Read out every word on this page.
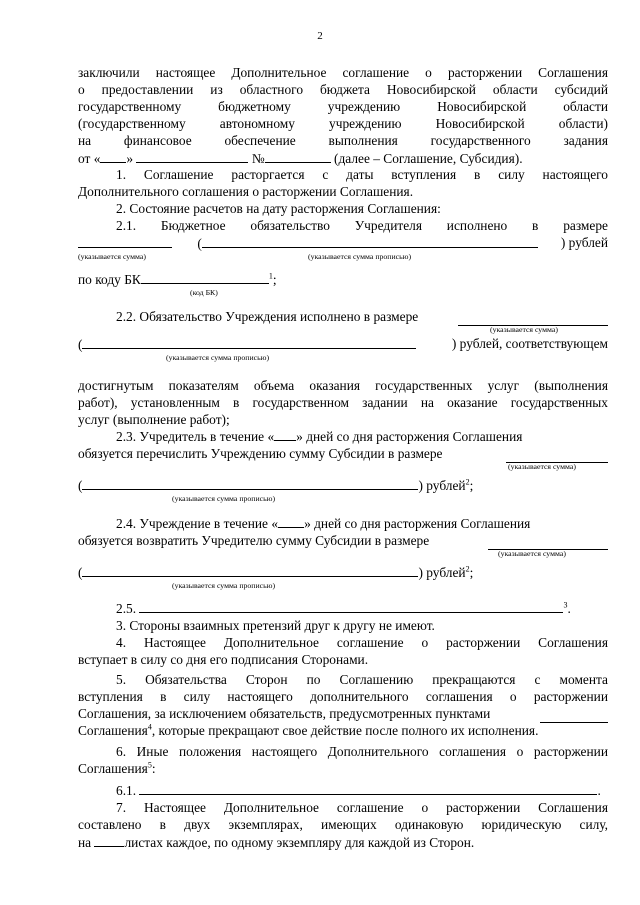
2

заключили настоящее Дополнительное соглашение о расторжении Соглашения

о предоставлении из областного бюджета Новосибирской области субсидий

государственному бюджетному учреждению Новосибирской области

(государственному автономному учреждению Новосибирской области)

на финансовое обеспечение выполнения государственного задания

от « »	№	(далее – Соглашение, Субсидия).

1. Соглашение расторгается с даты вступления в силу настоящего

Дополнительного соглашения о расторжении Соглашения.

2. Состояние расчетов на дату расторжения Соглашения:

2.1. Бюджетное обязательство Учредителя исполнено в размере

(	) рублей

(указывается сумма)	(указывается сумма прописью)

по коду БК	$^1$;

(код БК)

2.2. Обязательство Учреждения исполнено в размере

(указывается сумма)

(	) рублей, соответствующем

(указывается сумма прописью)

достигнутым показателям объема оказания государственных услуг (выполнения

работ), установленным в государственном задании на оказание государственных

услуг (выполнение работ);

2.3. Учредитель в течение « » дней со дня расторжения Соглашения

обязуется перечислить Учреждению сумму Субсидии в размере

(указывается сумма)

(	) рублей$^2$;

(указывается сумма прописью)

2.4. Учреждение в течение « » дней со дня расторжения Соглашения

обязуется возвратить Учредителю сумму Субсидии в размере

(указывается сумма)

(	) рублей$^2$;

(указывается сумма прописью)

2.5.	$^3$.

3. Стороны взаимных претензий друг к другу не имеют.

4. Настоящее Дополнительное соглашение о расторжении Соглашения

вступает в силу со дня его подписания Сторонами.

5. Обязательства Сторон по Соглашению прекращаются с момента

вступления в силу настоящего дополнительного соглашения о расторжении

Соглашения, за исключением обязательств, предусмотренных пунктами

Соглашения$^4$, которые прекращают свое действие после полного их исполнения.

6. Иные положения настоящего Дополнительного соглашения о расторжении

Соглашения$^5$:

6.1.	.

7. Настоящее Дополнительное соглашение о расторжении Соглашения

составлено в двух экземплярах, имеющих одинаковую юридическую силу,

на листах каждое, по одному экземпляру для каждой из Сторон.
